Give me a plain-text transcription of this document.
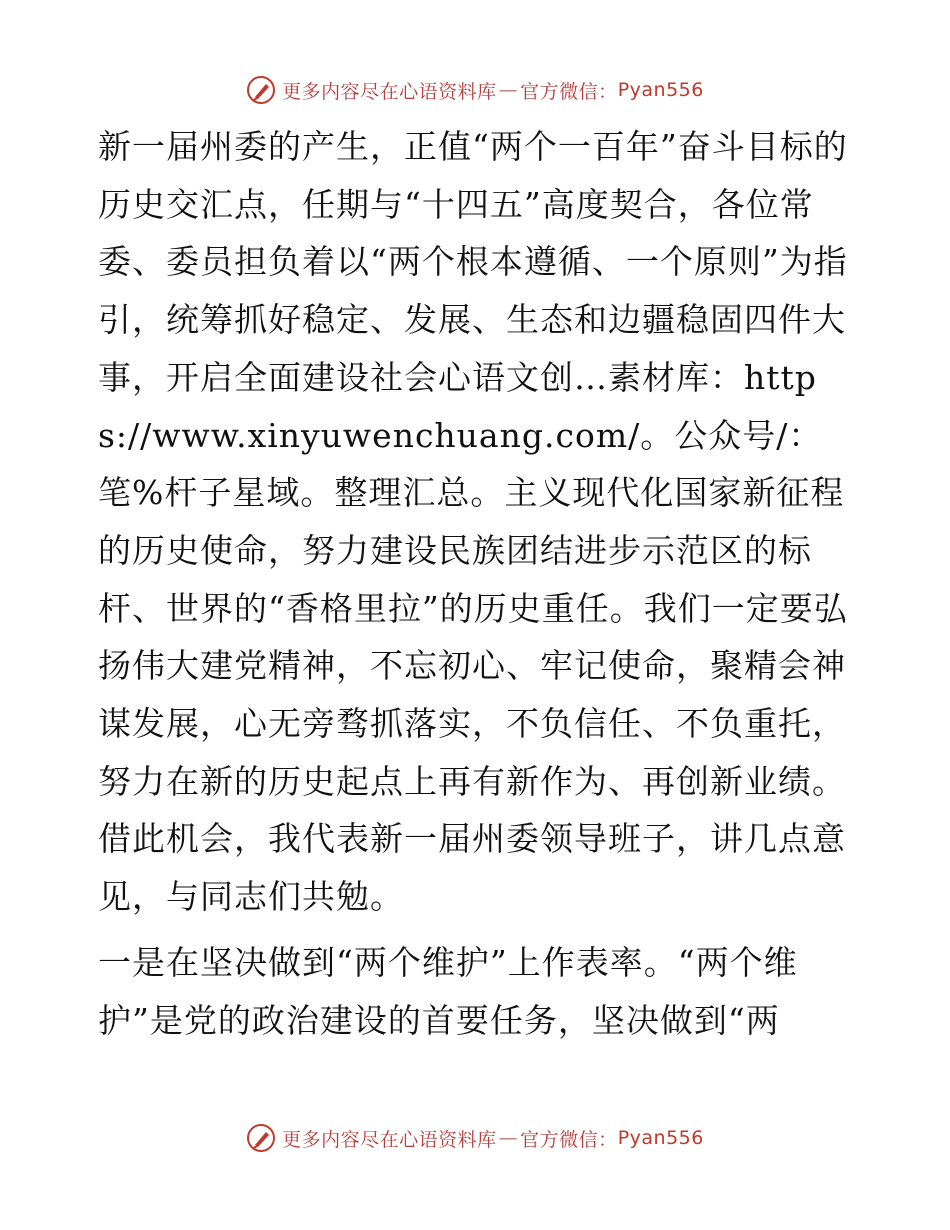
更多内容尽在心语资料库 — 官方微信： Pyan556

新一届州委的产生，正值“两个一百年”奋斗目标的历史交汇点，任期与“十四五”高度契合，各位常委、委员担负着以“两个根本遵循、一个原则”为指引，统筹抓好稳定、发展、生态和边疆稳固四件大事，开启全面建设社会心语文创…素材库：https://www.xinyuwenchuang.com/。公众号/：笔%杆子星域。整理汇总。主义现代化国家新征程的历史使命，努力建设民族团结进步示范区的标杆、世界的“香格里拉”的历史重任。我们一定要弘扬伟大建党精神，不忘初心、牢记使命，聚精会神谋发展，心无旁骛抓落实，不负信任、不负重托，努力在新的历史起点上再有新作为、再创新业绩。借此机会，我代表新一届州委领导班子，讲几点意见，与同志们共勉。

一是在坚决做到“两个维护”上作表率。“两个维护”是党的政治建设的首要任务，坚决做到“两

更多内容尽在心语资料库 — 官方微信： Pyan556
